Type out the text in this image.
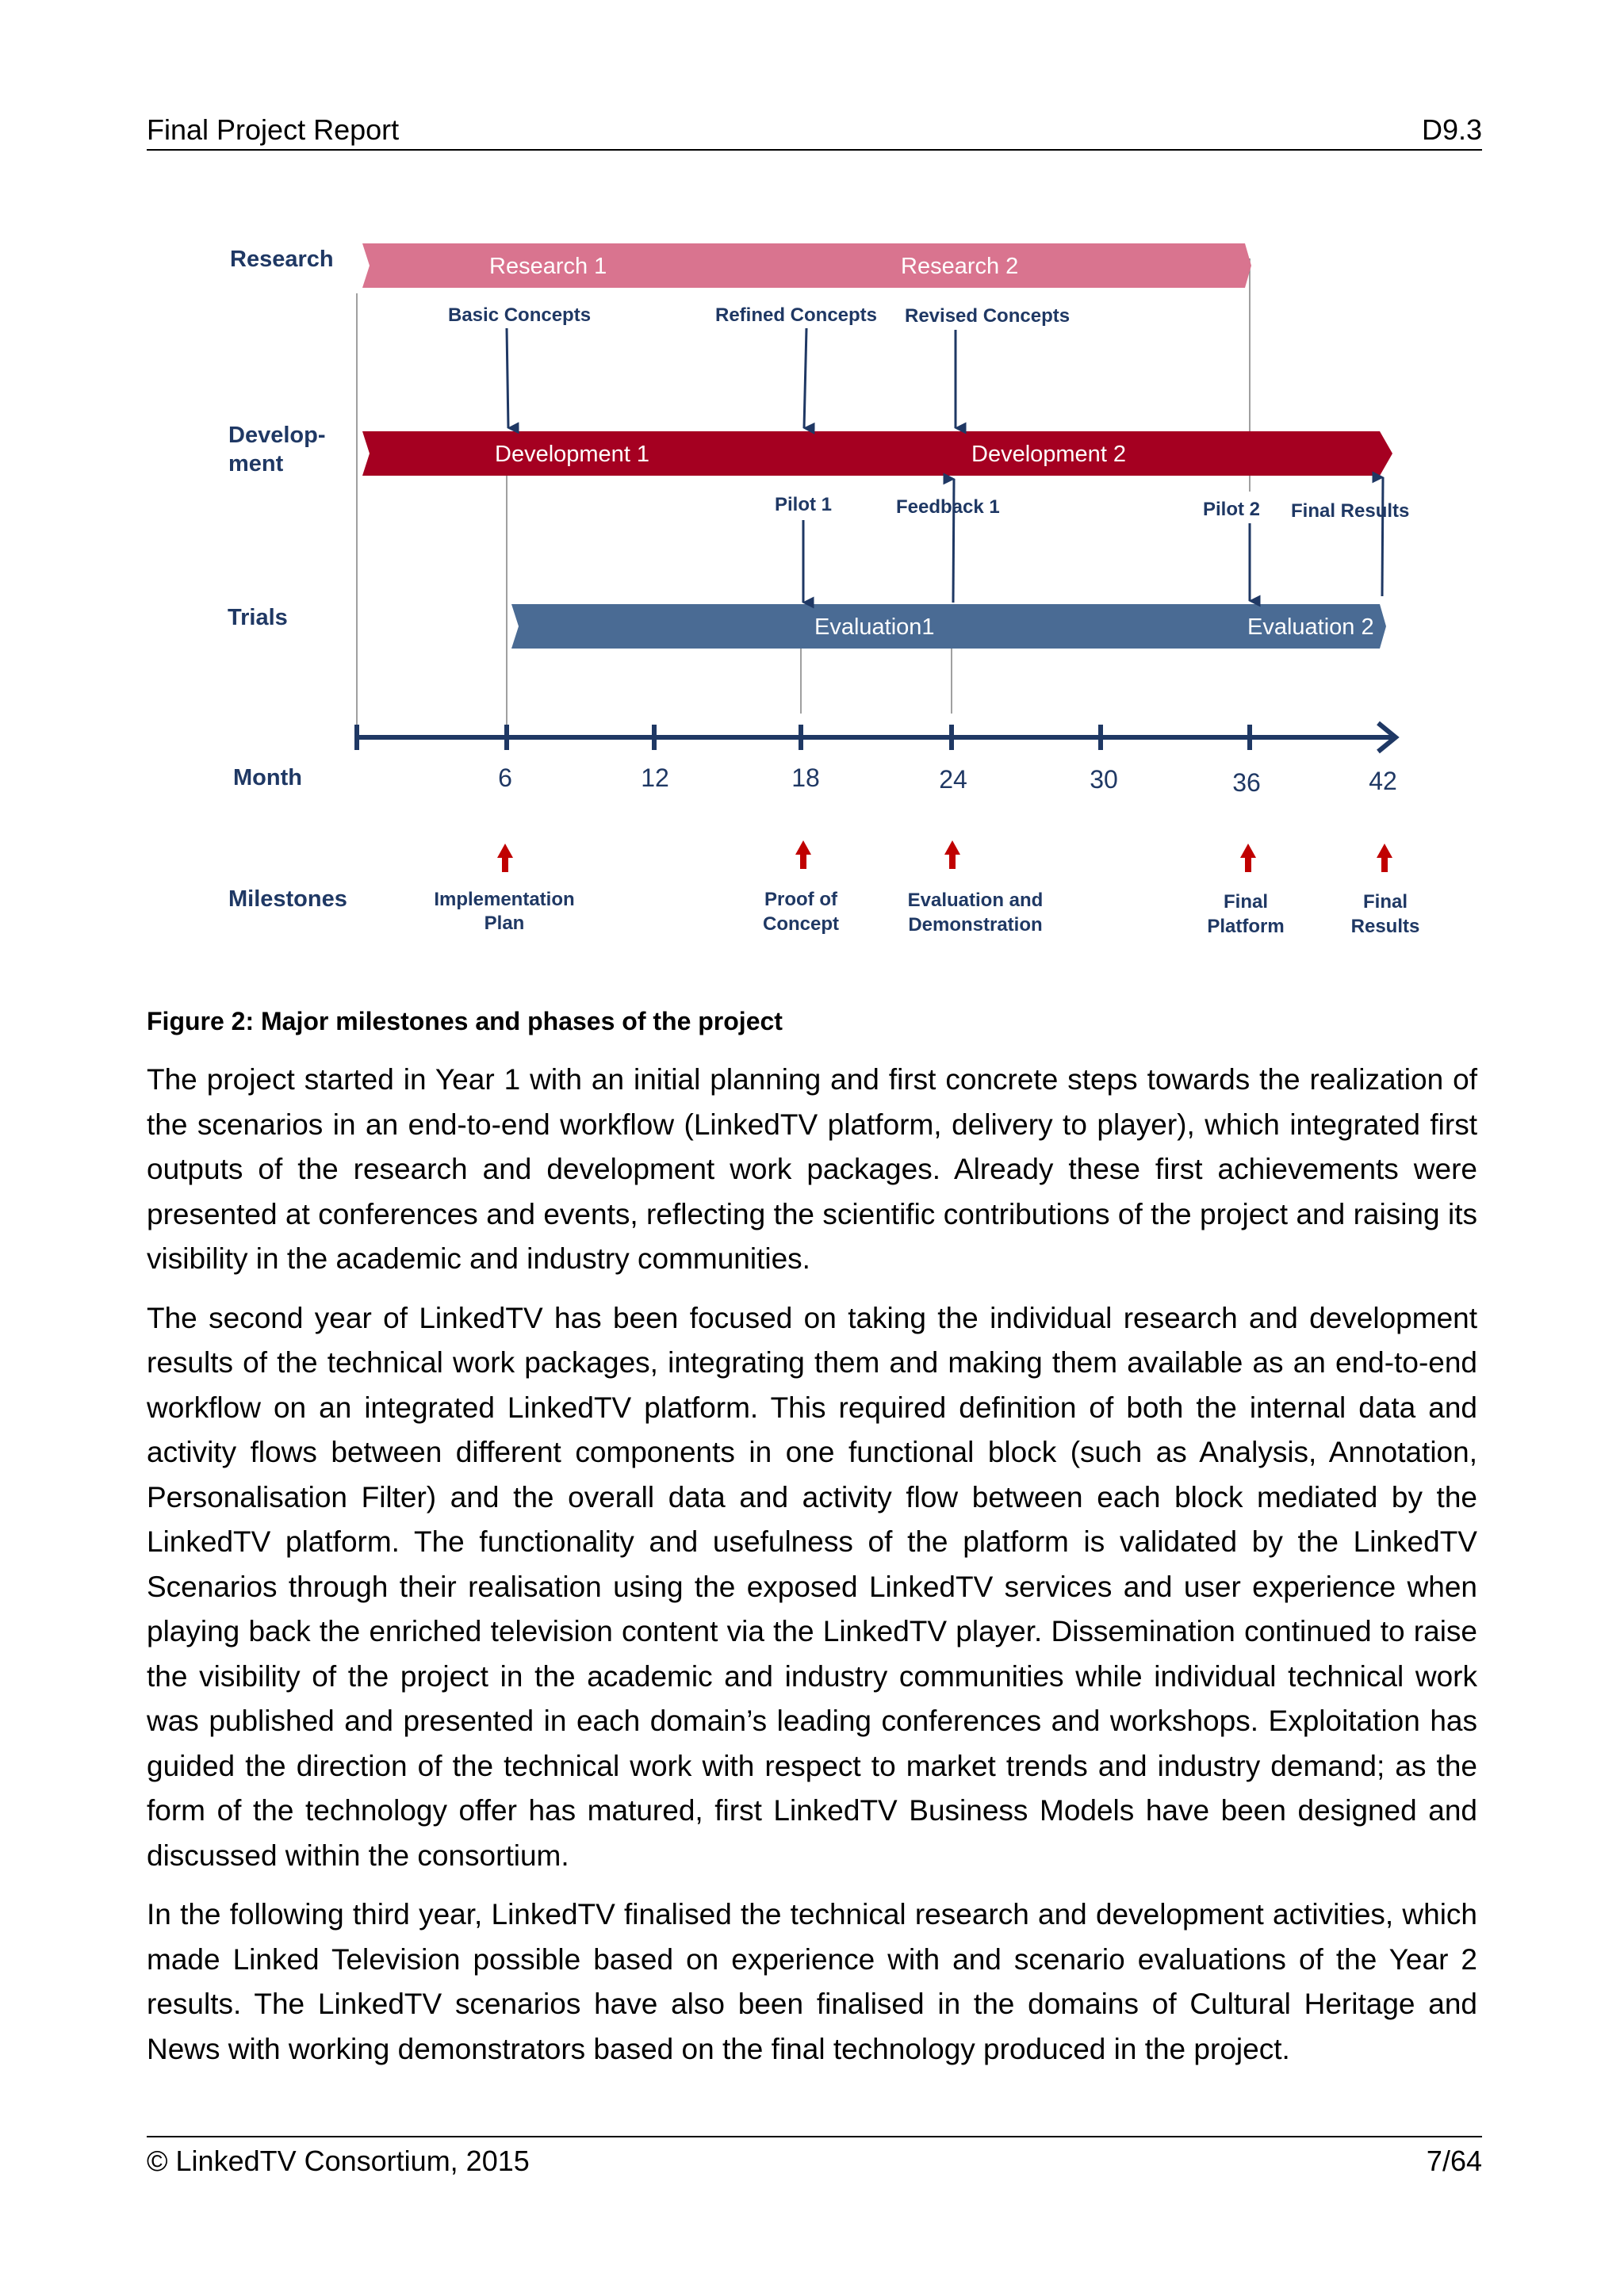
Final Project Report	D9.3
Research
Develop-
ment
Trials
Month
Milestones
Research 1	Research 2
Development 1	Development 2
Evaluation1	Evaluation 2
Basic Concepts	Refined Concepts Revised Concepts
Pilot 1	Feedback 1	Pilot 2 Final Results
6	12	18	24	30	36	42
Implementation
Plan
Proof of
Concept
Evaluation and
Demonstration
Final
Platform
Final
Results
Figure 2: Major milestones and phases of the project

The project started in Year 1 with an initial planning and first concrete steps towards the realization of the scenarios in an end-to-end workflow (LinkedTV platform, delivery to player), which integrated first outputs of the research and development work packages. Already these first achievements were presented at conferences and events, reflecting the scientific contributions of the project and raising its visibility in the academic and industry communities.

The second year of LinkedTV has been focused on taking the individual research and development results of the technical work packages, integrating them and making them available as an end-to-end workflow on an integrated LinkedTV platform. This required definition of both the internal data and activity flows between different components in one functional block (such as Analysis, Annotation, Personalisation Filter) and the overall data and activity flow between each block mediated by the LinkedTV platform. The functionality and usefulness of the platform is validated by the LinkedTV Scenarios through their realisation using the exposed LinkedTV services and user experience when playing back the enriched television content via the LinkedTV player. Dissemination continued to raise the visibility of the project in the academic and industry communities while individual technical work was published and presented in each domain’s leading conferences and workshops. Exploitation has guided the direction of the technical work with respect to market trends and industry demand; as the form of the technology offer has matured, first LinkedTV Business Models have been designed and discussed within the consortium.

In the following third year, LinkedTV finalised the technical research and development activities, which made Linked Television possible based on experience with and scenario evaluations of the Year 2 results. The LinkedTV scenarios have also been finalised in the domains of Cultural Heritage and News with working demonstrators based on the final technology produced in the project.

© LinkedTV Consortium, 2015	7/64
